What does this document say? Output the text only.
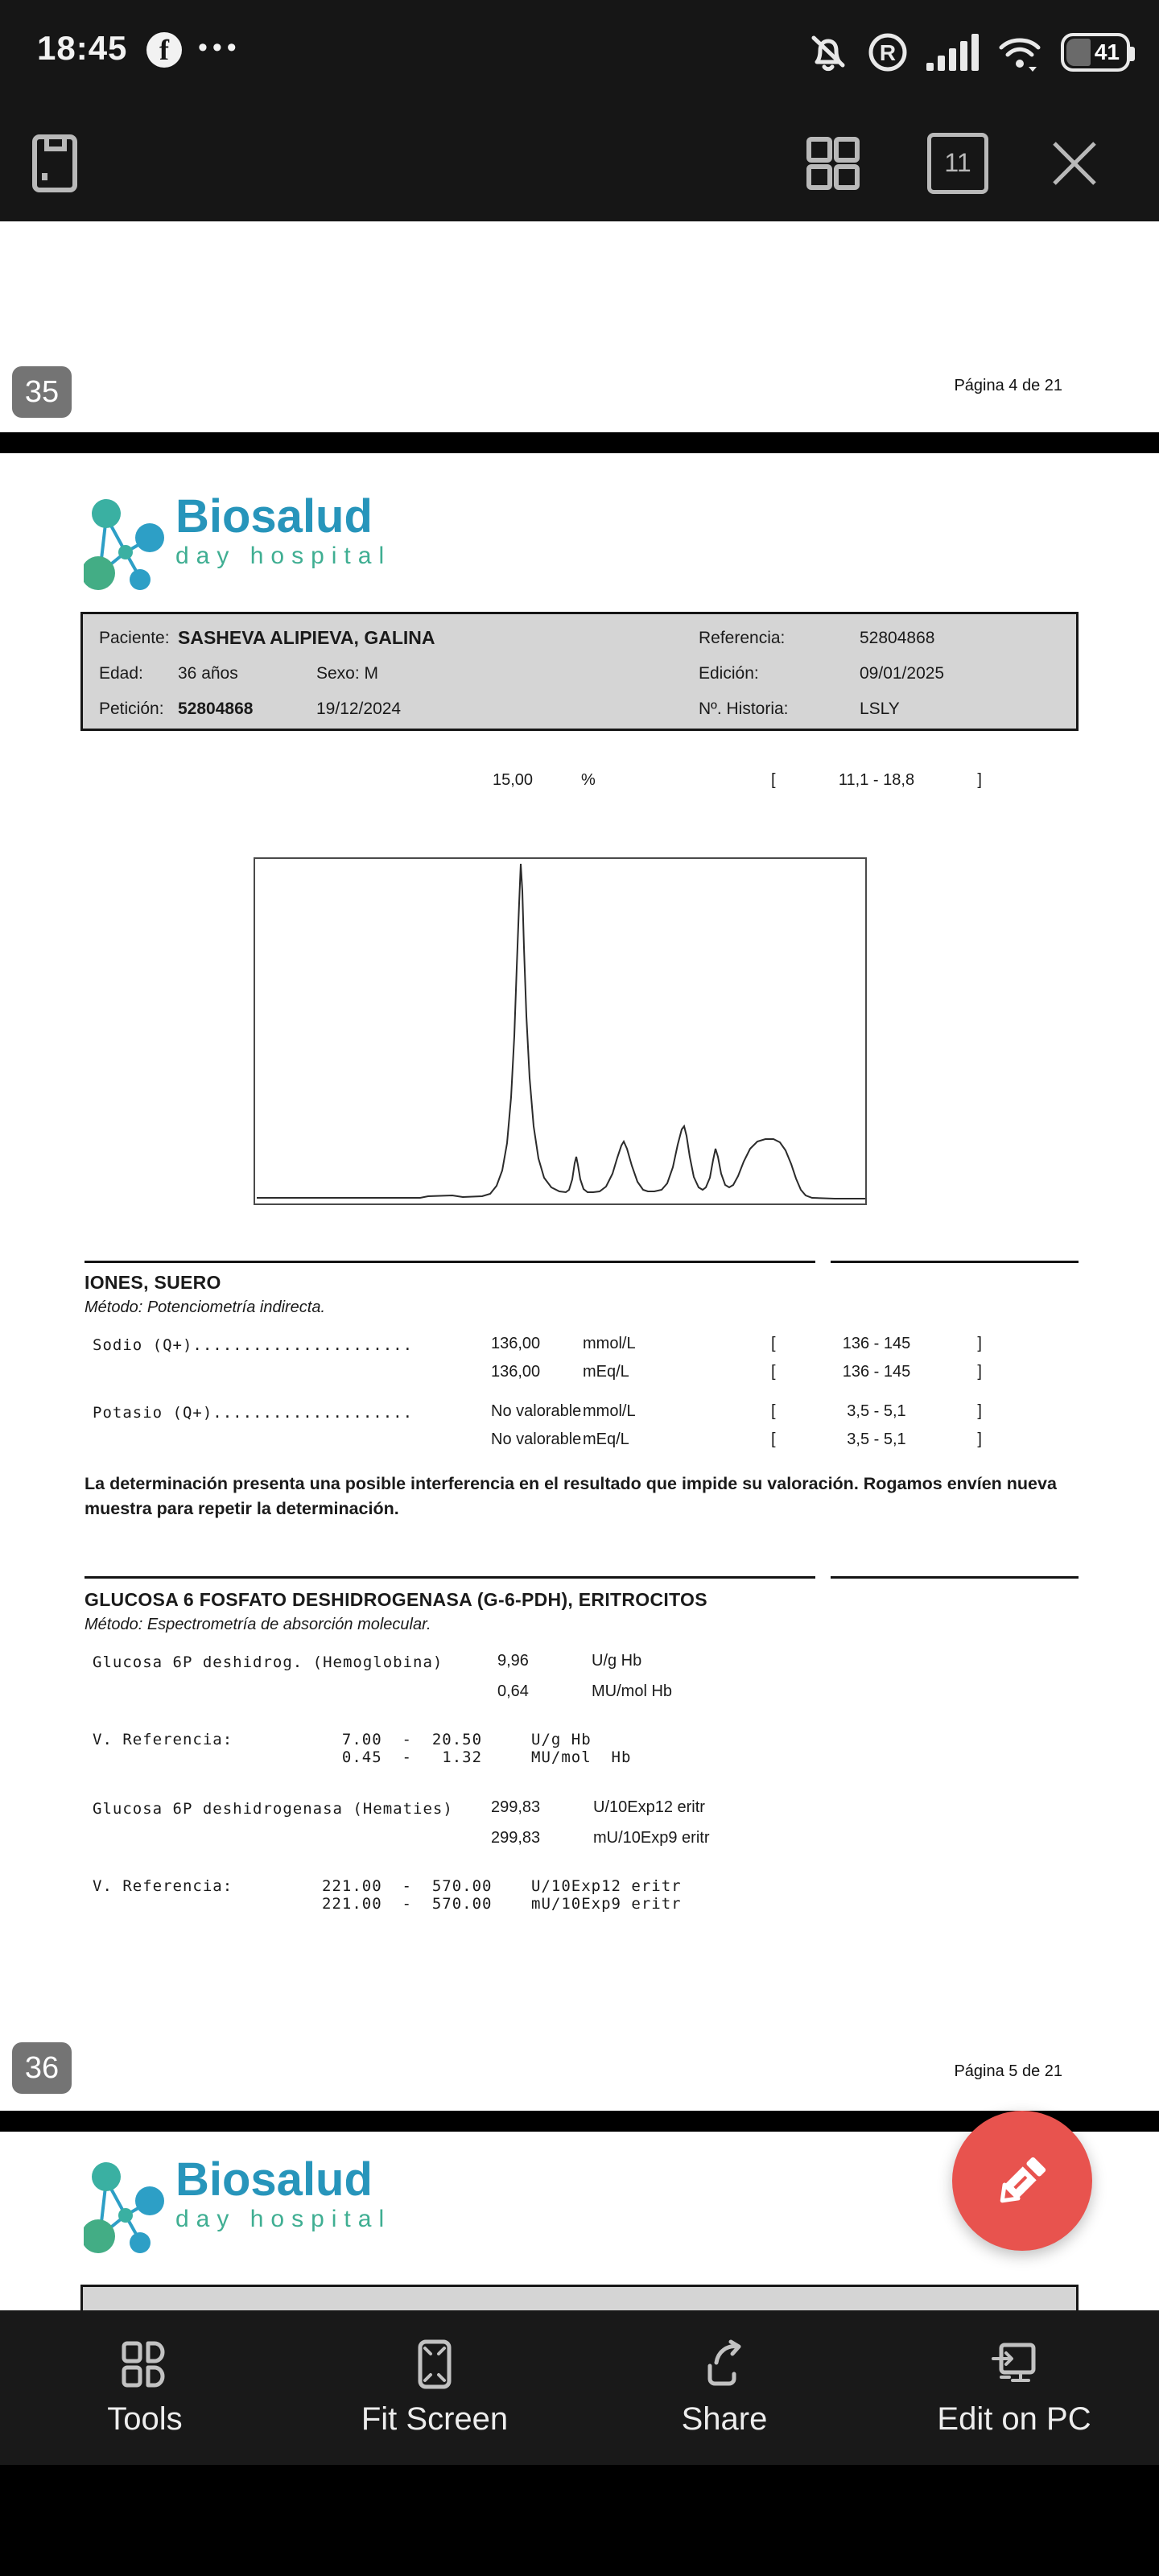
18:45	f	•••	R	41
11
35	Página 4 de 21
Biosalud
day hospital
Paciente: SASHEVA ALIPIEVA, GALINA
Edad: 36 años	Sexo: M
Petición: 52804868	19/12/2024
Referencia:	52804868
Edición:	09/01/2025
Nº. Historia:	LSLY
15,00	%	[	11,1 - 18,8	]
IONES, SUERO
Método: Potenciometría indirecta.
Sodio (Q+)......................	136,00	mmol/L	[	136 - 145	]
136,00	mEq/L	[	136 - 145	]
Potasio (Q+)....................	No valorable mmol/L	[	3,5 - 5,1	]
No valorable mEq/L	[	3,5 - 5,1	]
La determinación presenta una posible interferencia en el resultado que impide su valoración. Rogamos envíen nueva muestra para repetir la determinación.
GLUCOSA 6 FOSFATO DESHIDROGENASA (G-6-PDH), ERITROCITOS
Método: Espectrometría de absorción molecular.
Glucosa 6P deshidrog. (Hemoglobina)	9,96	U/g Hb
0,64	MU/mol Hb
V. Referencia:	7.00  -  20.50	U/g Hb
0.45  -   1.32	MU/mol  Hb
Glucosa 6P deshidrogenasa (Hematies) 299,83	U/10Exp12 eritr
299,83	mU/10Exp9 eritr
V. Referencia:	221.00  -  570.00	U/10Exp12 eritr
221.00  -  570.00	mU/10Exp9 eritr
36	Página 5 de 21
Biosalud
day hospital
Tools	Fit Screen	Share	Edit on PC
